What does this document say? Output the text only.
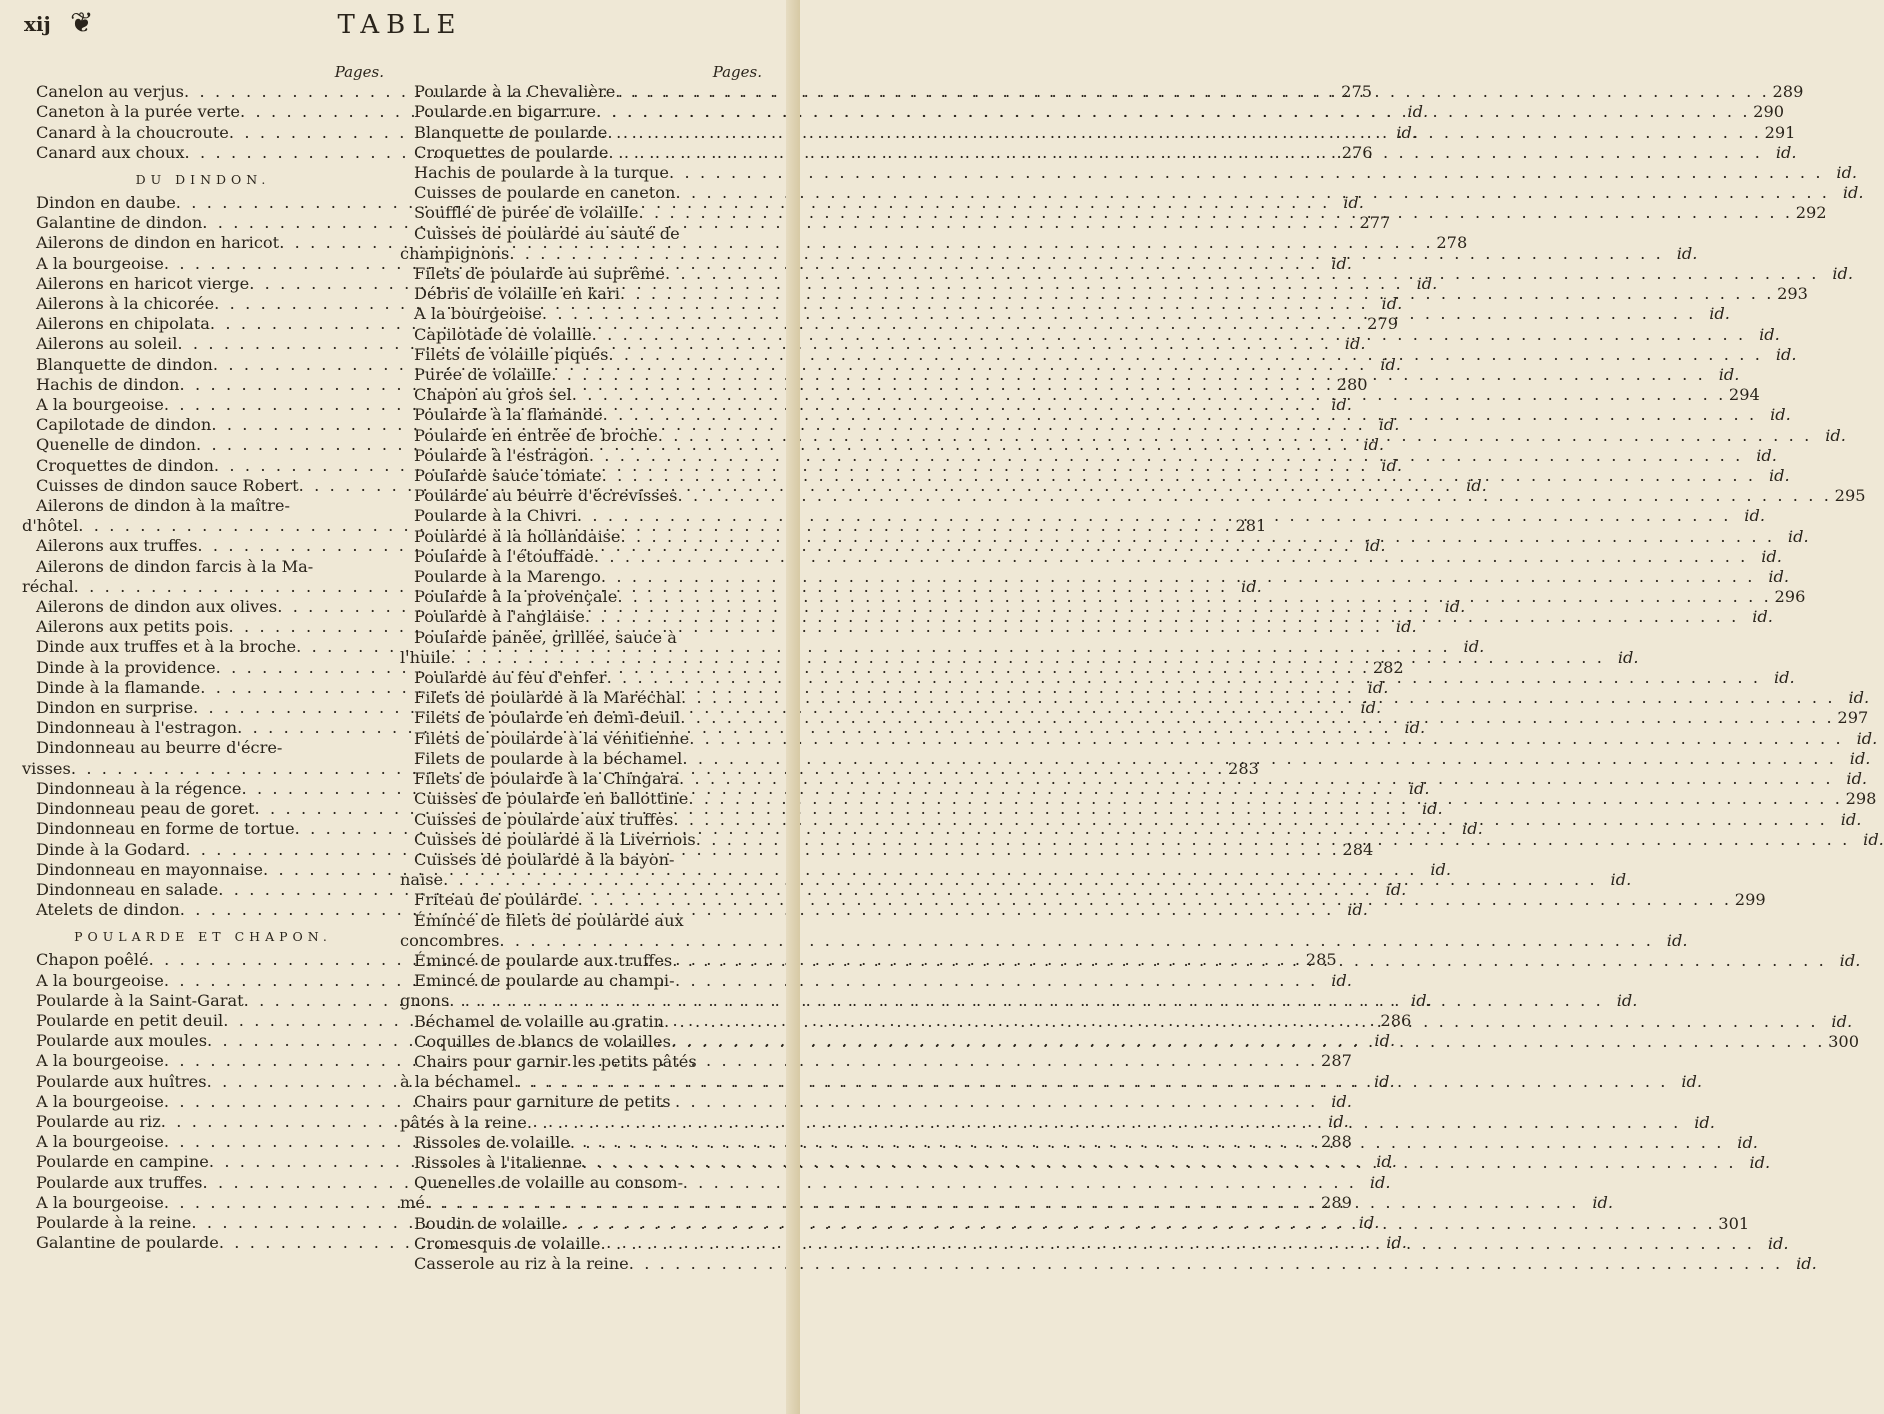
xij ❦	TABLE
Pages.
Canelon au verjus . . .	275
Caneton à la purée verte . . .	id.
Canard à la choucroute . . .	id.
Canard aux choux . . .	276
DU DINDON.
Dindon en daube . . .	id.
Galantine de dindon . . .	277
Ailerons de dindon en haricot . . .	278
A la bourgeoise . . .	id.
Ailerons en haricot vierge . . .	id.
Ailerons à la chicorée . . .	id.
Ailerons en chipolata . . .	279
Ailerons au soleil . . .	id.
Blanquette de dindon . . .	id.
Hachis de dindon . . .	280
A la bourgeoise . . .	id.
Capilotade de dindon . . .	id.
Quenelle de dindon . . .	id.
Croquettes de dindon . . .	id.
Cuisses de dindon sauce Robert . . .	id.
Ailerons de dindon à la maître-
d'hôtel . . .	281
Ailerons aux truffes . . .	id.
Ailerons de dindon farcis à la Ma-
réchal . . .	id.
Ailerons de dindon aux olives . . .	id.
Ailerons aux petits pois . . .	id.
Dinde aux truffes et à la broche . . .	id.
Dinde à la providence . . .	282
Dinde à la flamande . . .	id.
Dindon en surprise . . .	id.
Dindonneau à l'estragon . . .	id.
Dindonneau au beurre d'écre-
visses . . .	283
Dindonneau à la régence . . .	id.
Dindonneau peau de goret . . .	id.
Dindonneau en forme de tortue . . .	id.
Dinde à la Godard . . .	284
Dindonneau en mayonnaise . . .	id.
Dindonneau en salade . . .	id.
Atelets de dindon . . .	id.
POULARDE ET CHAPON.
Chapon poêlé . . .	285
A la bourgeoise . . .	id.
Poularde à la Saint-Garat . . .	id.
Poularde en petit deuil . . .	286
Poularde aux moules . . .	id.
A la bourgeoise . . .	287
Poularde aux huîtres . . .	id.
A la bourgeoise . . .	id.
Poularde au riz . . .	id.
A la bourgeoise . . .	288
Poularde en campine . . .	id.
Poularde aux truffes . . .	id.
A la bourgeoise . . .	289
Poularde à la reine . . .	id.
Galantine de poularde . . .	id.
Pages.
Poularde à la Chevalière . . .	289
Poularde en bigarrure . . .	290
Blanquette de poularde . . .	291
Croquettes de poularde . . .	id.
Hachis de poularde à la turque . . .	id.
Cuisses de poularde en caneton . . .	id.
Soufflé de purée de volaille . . .	292
Cuisses de poularde au sauté de
champignons . . .	id.
Filets de poularde au suprême . . .	id.
Débris de volaille en kari . . .	293
A la bourgeoise . . .	id.
Capilotade de volaille . . .	id.
Filets de volaille piqués . . .	id.
Purée de volaille . . .	id.
Chapon au gros sel . . .	294
Poularde à la flamande . . .	id.
Poularde en entrée de broche . . .	id.
Poularde à l'estragon . . .	id.
Poularde sauce tomate . . .	id.
Poularde au beurre d'écrevisses . . .	295
Poularde à la Chivri . . .	id.
Poularde à la hollandaise . . .	id.
Poularde à l'étouffade . . .	id.
Poularde à la Marengo . . .	id.
Poularde à la provençale . . .	296
Poularde à l'anglaise . . .	id.
Poularde panée, grillée, sauce à
l'huile . . .	id.
Poularde au feu d'enfer . . .	id.
Filets de poularde à la Maréchal . . .	id.
Filets de poularde en demi-deuil . . .	297
Filets de poularde à la vénitienne . . .	id.
Filets de poularde à la béchamel . . .	id.
Filets de poularde à la Chingara . . .	id.
Cuisses de poularde en ballottine . . .	298
Cuisses de poularde aux truffes . . .	id.
Cuisses de poularde à la Livernois . . .	id.
Cuisses de poularde à la bayon-
naise . . .	id.
Friteau de poularde . . .	299
Émincé de filets de poularde aux
concombres . . .	id.
Émincé de poularde aux truffes . . .	id.
Emincé de poularde au champi-
gnons . . .	id.
Béchamel de volaille au gratin . . .	id.
Coquilles de blancs de volailles . . .	300
Chairs pour garnir les petits pâtés
à la béchamel . . .	id.
Chairs pour garniture de petits
pâtés à la reine . . .	id.
Rissoles de volaille . . .	id.
Rissoles à l'italienne . . .	id.
Quenelles de volaille au consom-
mé . . .	id.
Boudin de volaille . . .	301
Cromesquis de volaille . . .	id.
Casserole au riz à la reine . . .	id.
